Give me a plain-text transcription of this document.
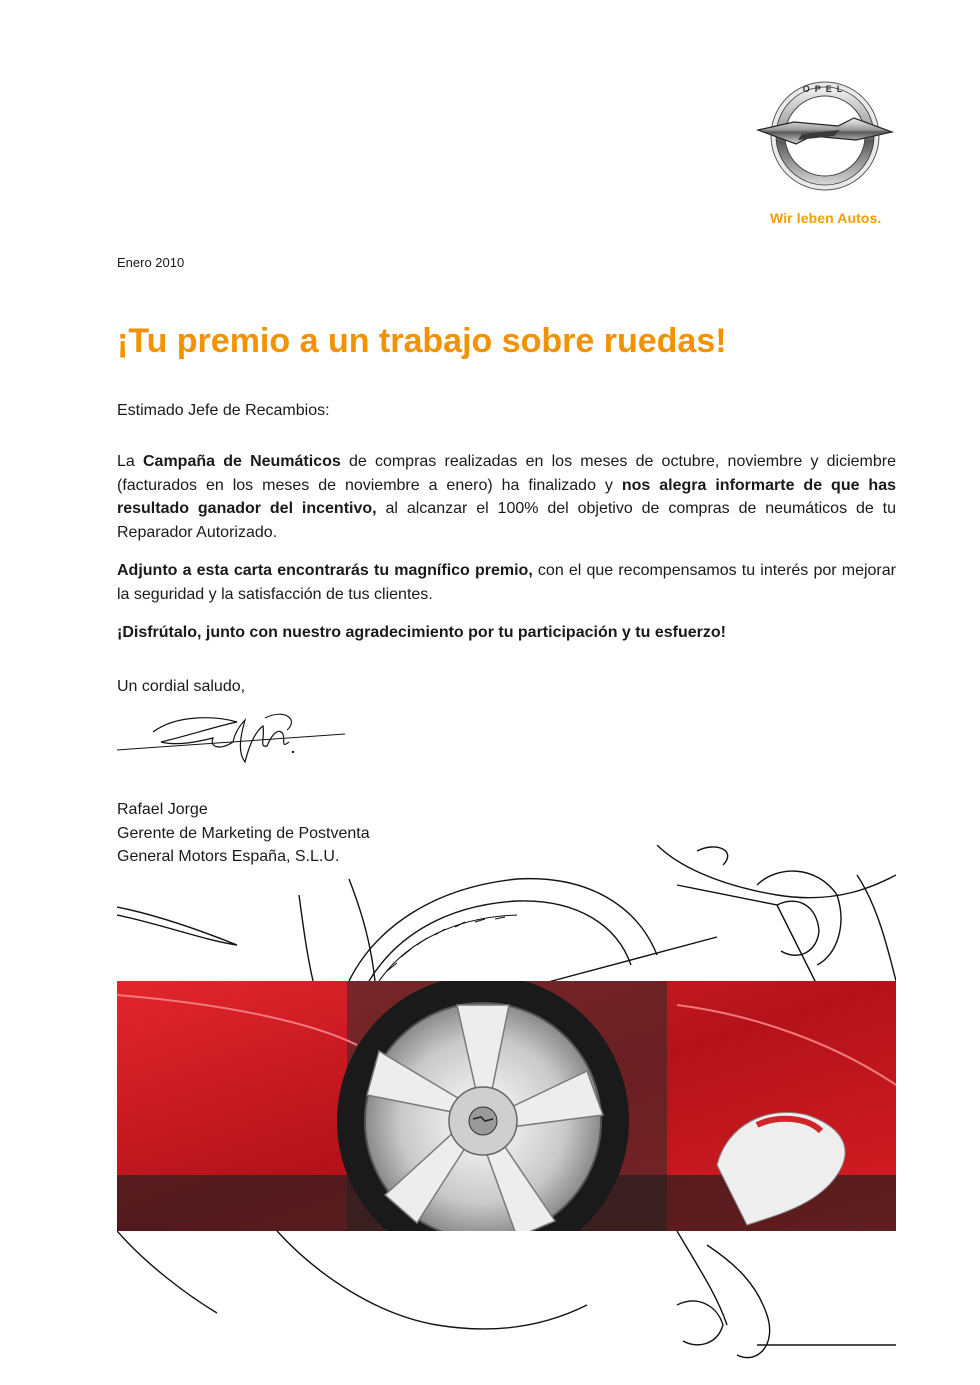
OPEL
Wir leben Autos.
Enero 2010
¡Tu premio a un trabajo sobre ruedas!

Estimado Jefe de Recambios:

La Campaña de Neumáticos de compras realizadas en los meses de octubre, noviembre y diciembre (facturados en los meses de noviembre a enero) ha finalizado y nos alegra informarte de que has resultado ganador del incentivo, al alcanzar el 100% del objetivo de compras de neumáticos de tu Reparador Autorizado.

Adjunto a esta carta encontrarás tu magnífico premio, con el que recompensamos tu interés por mejorar la seguridad y la satisfacción de tus clientes.

¡Disfrútalo, junto con nuestro agradecimiento por tu participación y tu esfuerzo!

Un cordial saludo,

Rafael Jorge
Gerente de Marketing de Postventa
General Motors España, S.L.U.
